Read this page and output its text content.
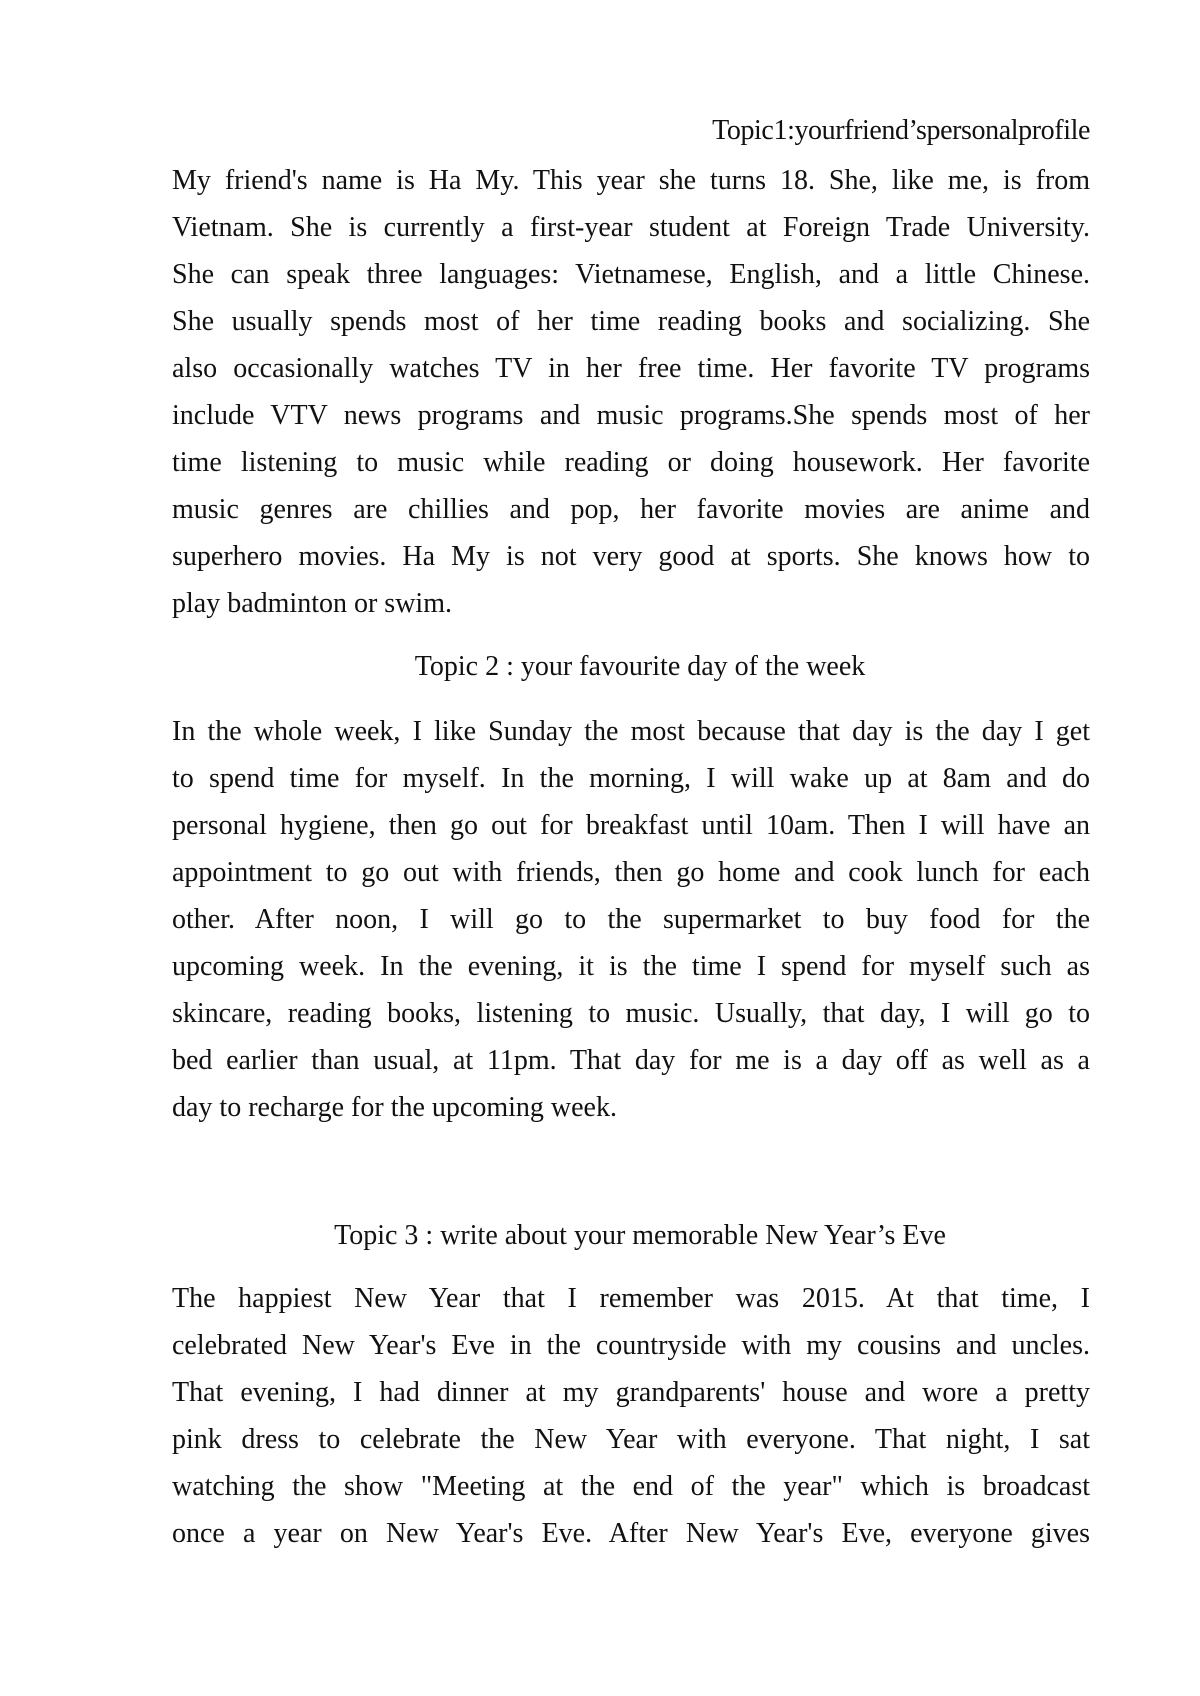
Topic1:yourfriend’spersonalprofile
My friend's name is Ha My. This year she turns 18. She, like me, is from
Vietnam. She is currently a first-year student at Foreign Trade University.
She can speak three languages: Vietnamese, English, and a little Chinese.
She usually spends most of her time reading books and socializing. She
also occasionally watches TV in her free time. Her favorite TV programs
include VTV news programs and music programs.She spends most of her
time listening to music while reading or doing housework. Her favorite
music genres are chillies and pop, her favorite movies are anime and
superhero movies. Ha My is not very good at sports. She knows how to
play badminton or swim.
Topic 2 : your favourite day of the week
In the whole week, I like Sunday the most because that day is the day I get
to spend time for myself. In the morning, I will wake up at 8am and do
personal hygiene, then go out for breakfast until 10am. Then I will have an
appointment to go out with friends, then go home and cook lunch for each
other. After noon, I will go to the supermarket to buy food for the
upcoming week. In the evening, it is the time I spend for myself such as
skincare, reading books, listening to music. Usually, that day, I will go to
bed earlier than usual, at 11pm. That day for me is a day off as well as a
day to recharge for the upcoming week.
Topic 3 : write about your memorable New Year’s Eve
The happiest New Year that I remember was 2015. At that time, I
celebrated New Year's Eve in the countryside with my cousins and uncles.
That evening, I had dinner at my grandparents' house and wore a pretty
pink dress to celebrate the New Year with everyone. That night, I sat
watching the show "Meeting at the end of the year" which is broadcast
once a year on New Year's Eve. After New Year's Eve, everyone gives
